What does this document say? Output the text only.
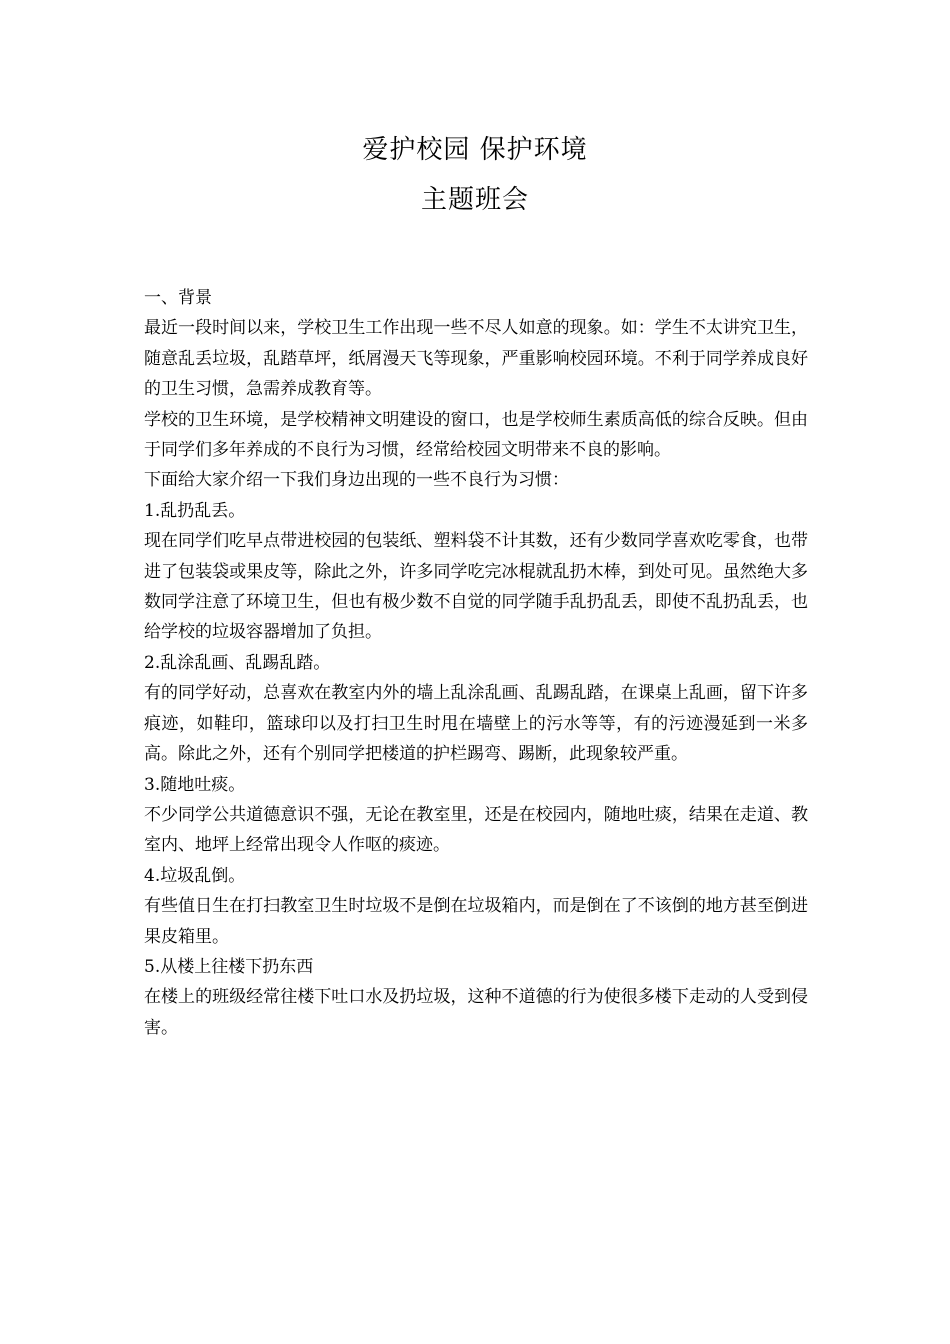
爱护校园 保护环境
主题班会

一、背景

最近一段时间以来，学校卫生工作出现一些不尽人如意的现象。如：学生不太讲究卫生，随意乱丢垃圾，乱踏草坪，纸屑漫天飞等现象，严重影响校园环境。不利于同学养成良好的卫生习惯，急需养成教育等。

学校的卫生环境，是学校精神文明建设的窗口，也是学校师生素质高低的综合反映。但由于同学们多年养成的不良行为习惯，经常给校园文明带来不良的影响。

下面给大家介绍一下我们身边出现的一些不良行为习惯：

1.乱扔乱丢。

现在同学们吃早点带进校园的包装纸、塑料袋不计其数，还有少数同学喜欢吃零食，也带进了包装袋或果皮等，除此之外，许多同学吃完冰棍就乱扔木棒，到处可见。虽然绝大多数同学注意了环境卫生，但也有极少数不自觉的同学随手乱扔乱丢，即使不乱扔乱丢，也给学校的垃圾容器增加了负担。

2.乱涂乱画、乱踢乱踏。

有的同学好动，总喜欢在教室内外的墙上乱涂乱画、乱踢乱踏，在课桌上乱画，留下许多痕迹，如鞋印，篮球印以及打扫卫生时甩在墙壁上的污水等等，有的污迹漫延到一米多高。除此之外，还有个别同学把楼道的护栏踢弯、踢断，此现象较严重。

3.随地吐痰。

不少同学公共道德意识不强，无论在教室里，还是在校园内，随地吐痰，结果在走道、教室内、地坪上经常出现令人作呕的痰迹。

4.垃圾乱倒。

有些值日生在打扫教室卫生时垃圾不是倒在垃圾箱内，而是倒在了不该倒的地方甚至倒进果皮箱里。

5.从楼上往楼下扔东西

在楼上的班级经常往楼下吐口水及扔垃圾，这种不道德的行为使很多楼下走动的人受到侵害。
